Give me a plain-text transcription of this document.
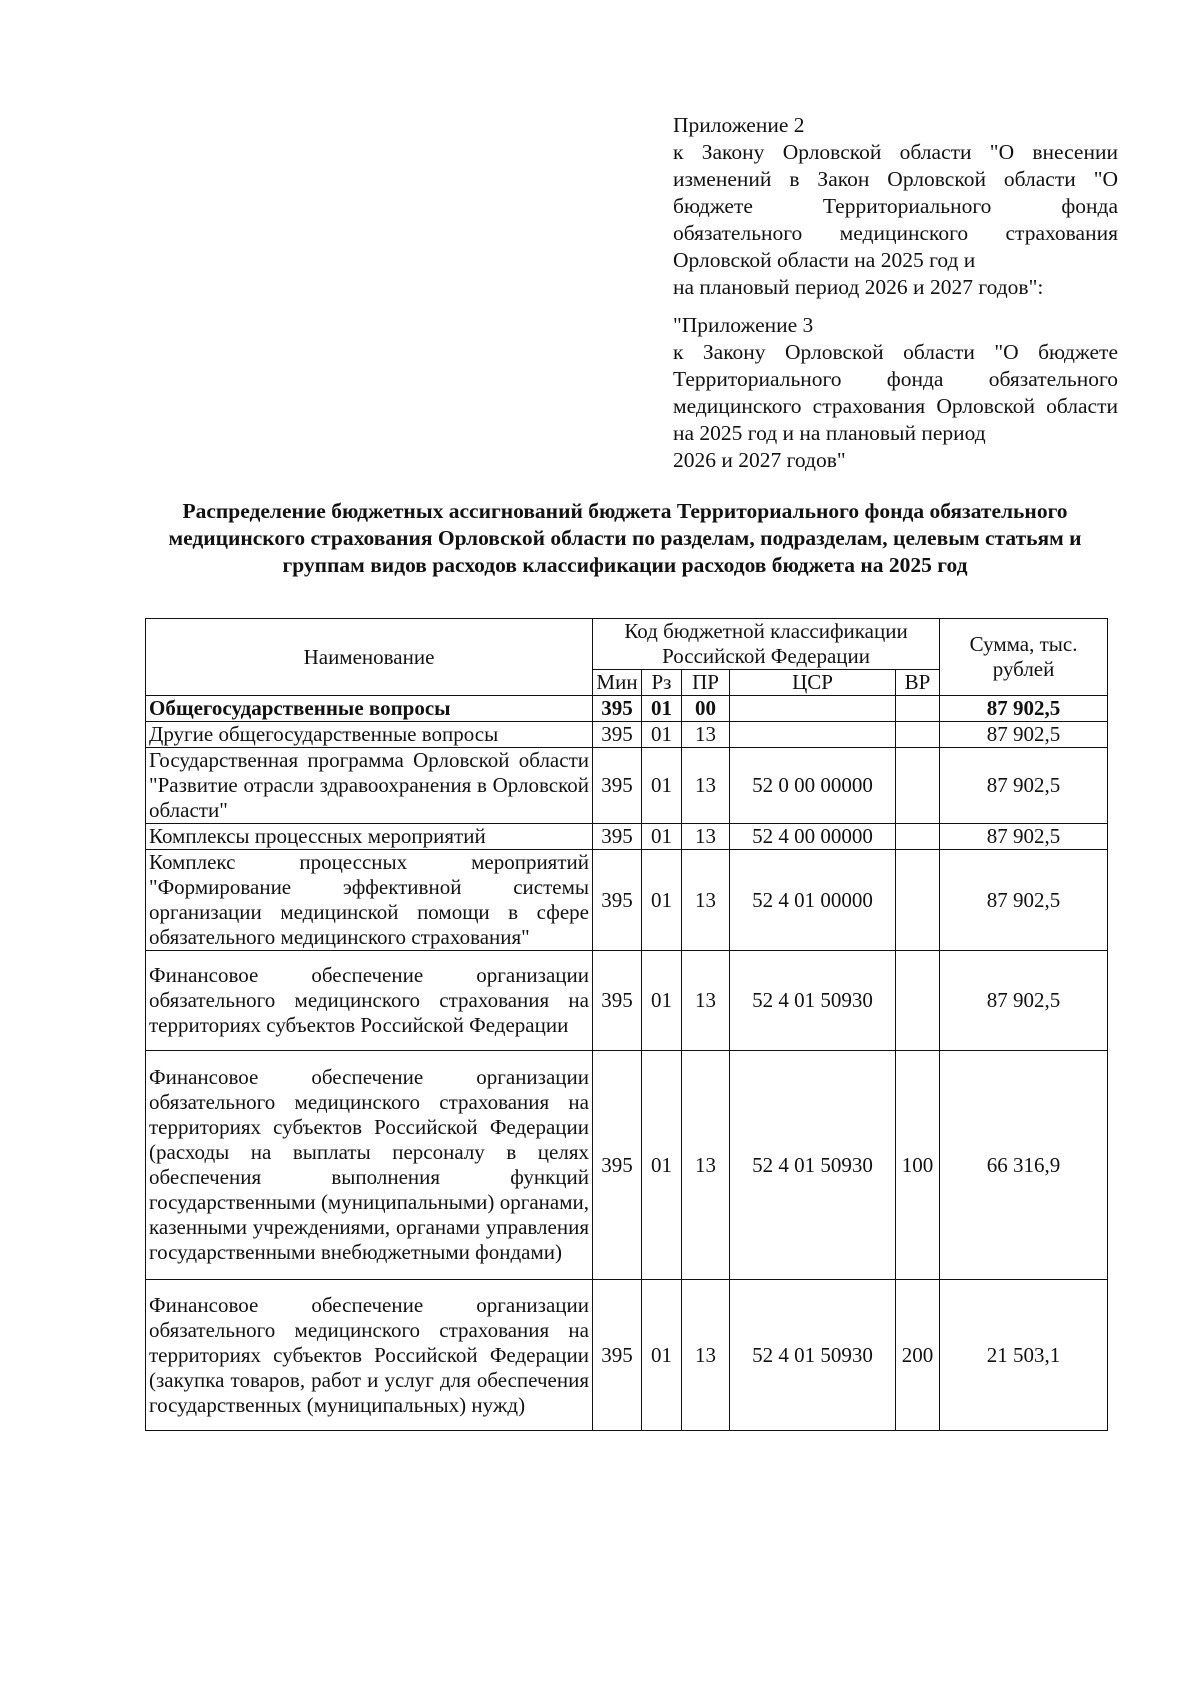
Приложение 2
к Закону Орловской области "О внесении изменений в Закон Орловской области "О бюджете Территориального фонда обязательного медицинского страхования Орловской области на 2025 год и
на плановый период 2026 и 2027 годов":
"Приложение 3
к Закону Орловской области "О бюджете Территориального фонда обязательного медицинского страхования Орловской области на 2025 год и на плановый период
2026 и 2027 годов"
Распределение бюджетных ассигнований бюджета Территориального фонда обязательного медицинского страхования Орловской области по разделам, подразделам, целевым статьям и группам видов расходов классификации расходов бюджета на 2025 год
Наименование	Код бюджетной классификации Российской Федерации					Сумма, тыс. рублей
	Мин	Рз	ПР	ЦСР	ВР	
Общегосударственные вопросы	395	01	00			87 902,5
Другие общегосударственные вопросы	395	01	13			87 902,5
Государственная программа Орловской области "Развитие отрасли здравоохранения в Орловской области"	395	01	13	52 0 00 00000		87 902,5
Комплексы процессных мероприятий	395	01	13	52 4 00 00000		87 902,5
Комплекс процессных мероприятий "Формирование эффективной системы организации медицинской помощи в сфере обязательного медицинского страхования"	395	01	13	52 4 01 00000		87 902,5
Финансовое обеспечение организации обязательного медицинского страхования на территориях субъектов Российской Федерации	395	01	13	52 4 01 50930		87 902,5
Финансовое обеспечение организации обязательного медицинского страхования на территориях субъектов Российской Федерации (расходы на выплаты персоналу в целях обеспечения выполнения функций государственными (муниципальными) органами, казенными учреждениями, органами управления государственными внебюджетными фондами)	395	01	13	52 4 01 50930	100	66 316,9
Финансовое обеспечение организации обязательного медицинского страхования на территориях субъектов Российской Федерации (закупка товаров, работ и услуг для обеспечения государственных (муниципальных) нужд)	395	01	13	52 4 01 50930	200	21 503,1
